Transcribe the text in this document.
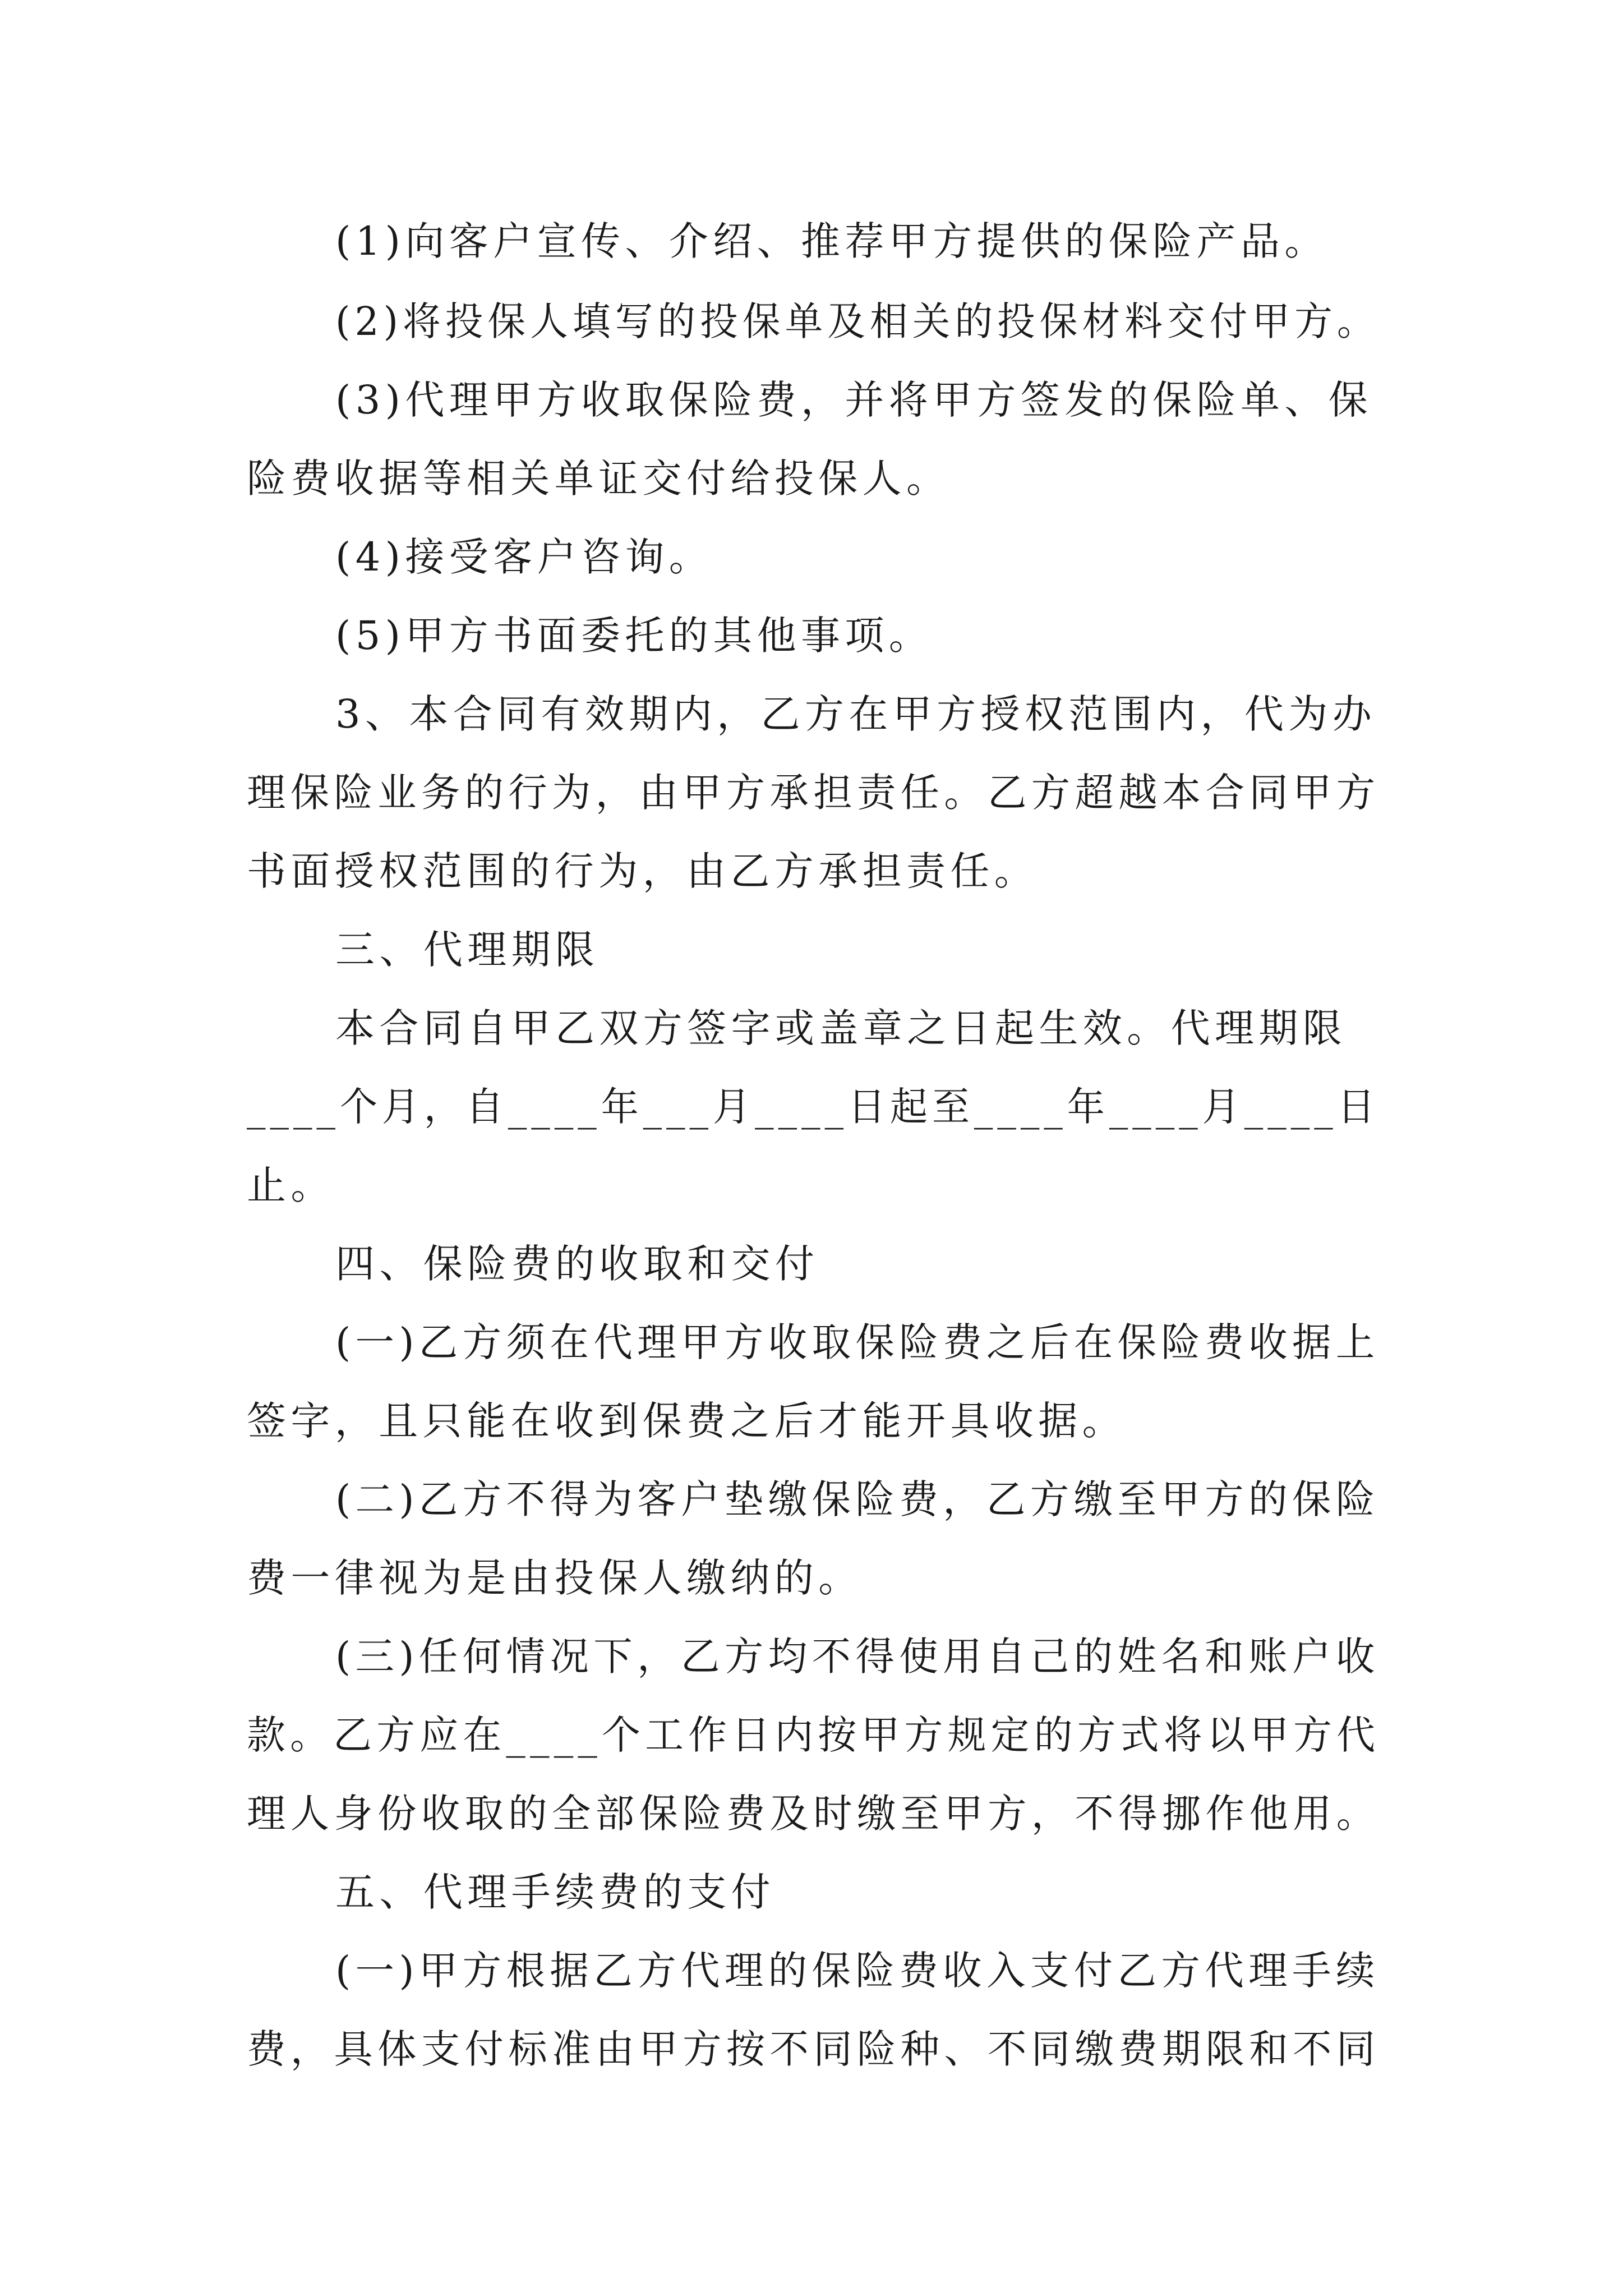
(1)向客户宣传、介绍、推荐甲方提供的保险产品。
(2)将投保人填写的投保单及相关的投保材料交付甲方。
(3)代理甲方收取保险费，并将甲方签发的保险单、保
险费收据等相关单证交付给投保人。
(4)接受客户咨询。
(5)甲方书面委托的其他事项。
3、本合同有效期内，乙方在甲方授权范围内，代为办
理保险业务的行为，由甲方承担责任。乙方超越本合同甲方
书面授权范围的行为，由乙方承担责任。
三、代理期限
本合同自甲乙双方签字或盖章之日起生效。代理期限
____个月，自____年___月____日起至____年____月____日
止。
四、保险费的收取和交付
(一)乙方须在代理甲方收取保险费之后在保险费收据上
签字，且只能在收到保费之后才能开具收据。
(二)乙方不得为客户垫缴保险费，乙方缴至甲方的保险
费一律视为是由投保人缴纳的。
(三)任何情况下，乙方均不得使用自己的姓名和账户收
款。乙方应在____个工作日内按甲方规定的方式将以甲方代
理人身份收取的全部保险费及时缴至甲方，不得挪作他用。
五、代理手续费的支付
(一)甲方根据乙方代理的保险费收入支付乙方代理手续
费，具体支付标准由甲方按不同险种、不同缴费期限和不同
